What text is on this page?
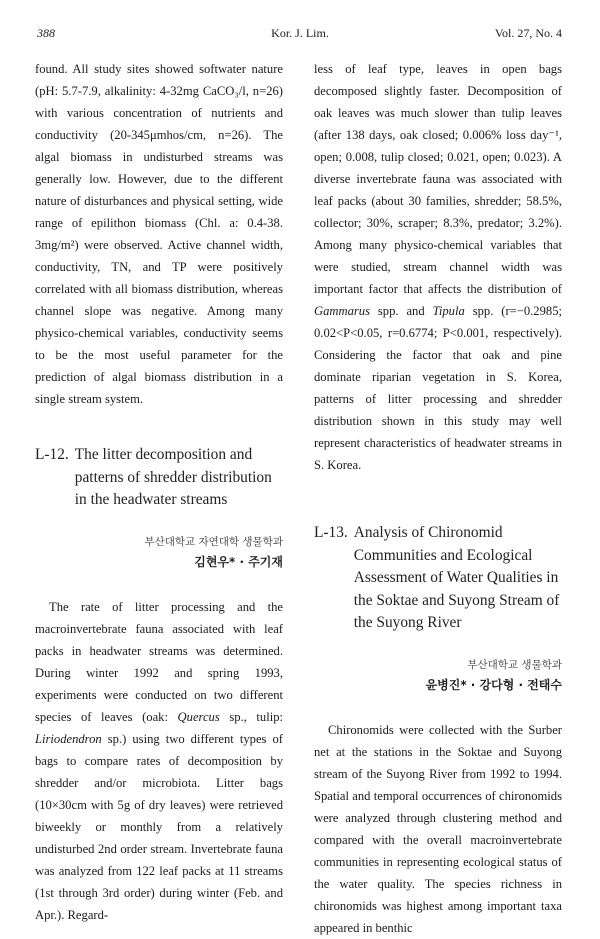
388	Kor. J. Lim.	Vol. 27, No. 4

found. All study sites showed softwater nature (pH: 5.7-7.9, alkalinity: 4-32mg CaCO₃/l, n=26) with various concentration of nutrients and conductivity (20-345μmhos/cm, n=26). The algal biomass in undisturbed streams was generally low. However, due to the different nature of disturbances and physical setting, wide range of epilithon biomass (Chl. a: 0.4-38. 3mg/m²) were observed. Active channel width, conductivity, TN, and TP were positively correlated with all biomass distribution, whereas channel slope was negative. Among many physico-chemical variables, conductivity seems to be the most useful parameter for the prediction of algal biomass distribution in a single stream system.

L-12. The litter decomposition and patterns of shredder distribution in the headwater streams

부산대학교 자연대학 생물학과

김현우* · 주기재

The rate of litter processing and the macroinvertebrate fauna associated with leaf packs in headwater streams was determined. During winter 1992 and spring 1993, experiments were conducted on two different species of leaves (oak: Quercus sp., tulip: Liriodendron sp.) using two different types of bags to compare rates of decomposition by shredder and/or microbiota. Litter bags (10×30cm with 5g of dry leaves) were retrieved biweekly or monthly from a relatively undisturbed 2nd order stream. Invertebrate fauna was analyzed from 122 leaf packs at 11 streams (1st through 3rd order) during winter (Feb. and Apr.). Regard-

less of leaf type, leaves in open bags decomposed slightly faster. Decomposition of oak leaves was much slower than tulip leaves (after 138 days, oak closed; 0.006% loss day⁻¹, open; 0.008, tulip closed; 0.021, open; 0.023). A diverse invertebrate fauna was associated with leaf packs (about 30 families, shredder; 58.5%, collector; 30%, scraper; 8.3%, predator; 3.2%). Among many physico-chemical variables that were studied, stream channel width was important factor that affects the distribution of Gammarus spp. and Tipula spp. (r=−0.2985; 0.02<P<0.05, r=0.6774; P<0.001, respectively). Considering the factor that oak and pine dominate riparian vegetation in S. Korea, patterns of litter processing and shredder distribution shown in this study may well represent characteristics of headwater streams in S. Korea.

L-13. Analysis of Chironomid Communities and Ecological Assessment of Water Qualities in the Soktae and Suyong Stream of the Suyong River

부산대학교 생물학과

윤병진* · 강다형 · 전태수

Chironomids were collected with the Surber net at the stations in the Soktae and Suyong stream of the Suyong River from 1992 to 1994. Spatial and temporal occurrences of chironomids were analyzed through clustering method and compared with the overall macroinvertebrate communities in representing ecological status of the water quality. The species richness in chironomids was highest among important taxa appeared in benthic
